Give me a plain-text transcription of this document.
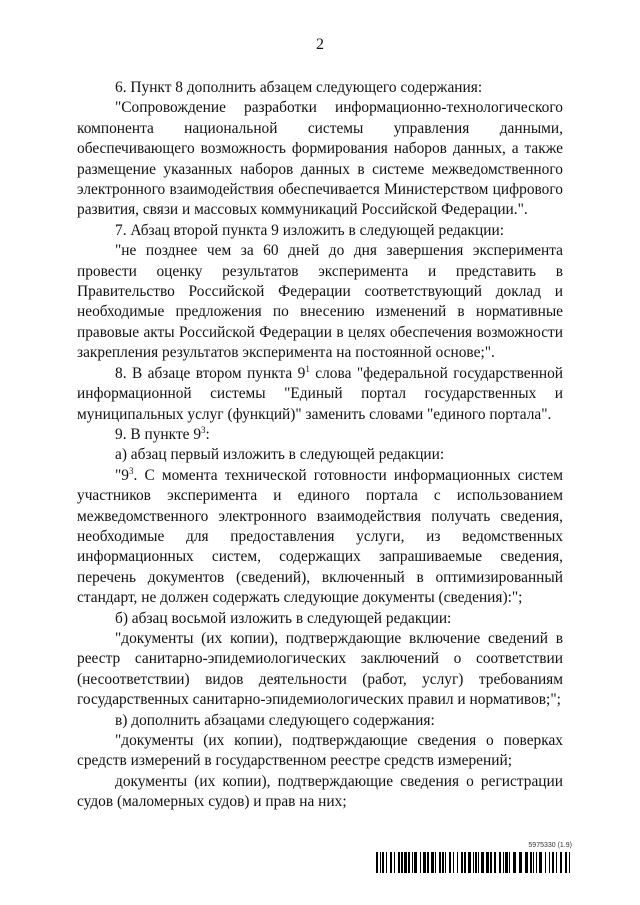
2

6. Пункт 8 дополнить абзацем следующего содержания:

"Сопровождение разработки информационно-технологического компонента национальной системы управления данными, обеспечивающего возможность формирования наборов данных, а также размещение указанных наборов данных в системе межведомственного электронного взаимодействия обеспечивается Министерством цифрового развития, связи и массовых коммуникаций Российской Федерации.".

7. Абзац второй пункта 9 изложить в следующей редакции:

"не позднее чем за 60 дней до дня завершения эксперимента провести оценку результатов эксперимента и представить в Правительство Российской Федерации соответствующий доклад и необходимые предложения по внесению изменений в нормативные правовые акты Российской Федерации в целях обеспечения возможности закрепления результатов эксперимента на постоянной основе;".

8. В абзаце втором пункта $9^1$ слова "федеральной государственной информационной системы "Единый портал государственных и муниципальных услуг (функций)" заменить словами "единого портала".

9. В пункте $9^3$:

а) абзац первый изложить в следующей редакции:

"$9^3$. С момента технической готовности информационных систем участников эксперимента и единого портала с использованием межведомственного электронного взаимодействия получать сведения, необходимые для предоставления услуги, из ведомственных информационных систем, содержащих запрашиваемые сведения, перечень документов (сведений), включенный в оптимизированный стандарт, не должен содержать следующие документы (сведения):";

б) абзац восьмой изложить в следующей редакции:

"документы (их копии), подтверждающие включение сведений в реестр санитарно-эпидемиологических заключений о соответствии (несоответствии) видов деятельности (работ, услуг) требованиям государственных санитарно-эпидемиологических правил и нормативов;";

в) дополнить абзацами следующего содержания:

"документы (их копии), подтверждающие сведения о поверках средств измерений в государственном реестре средств измерений;

документы (их копии), подтверждающие сведения о регистрации судов (маломерных судов) и прав на них;

5975330 (1.9)
